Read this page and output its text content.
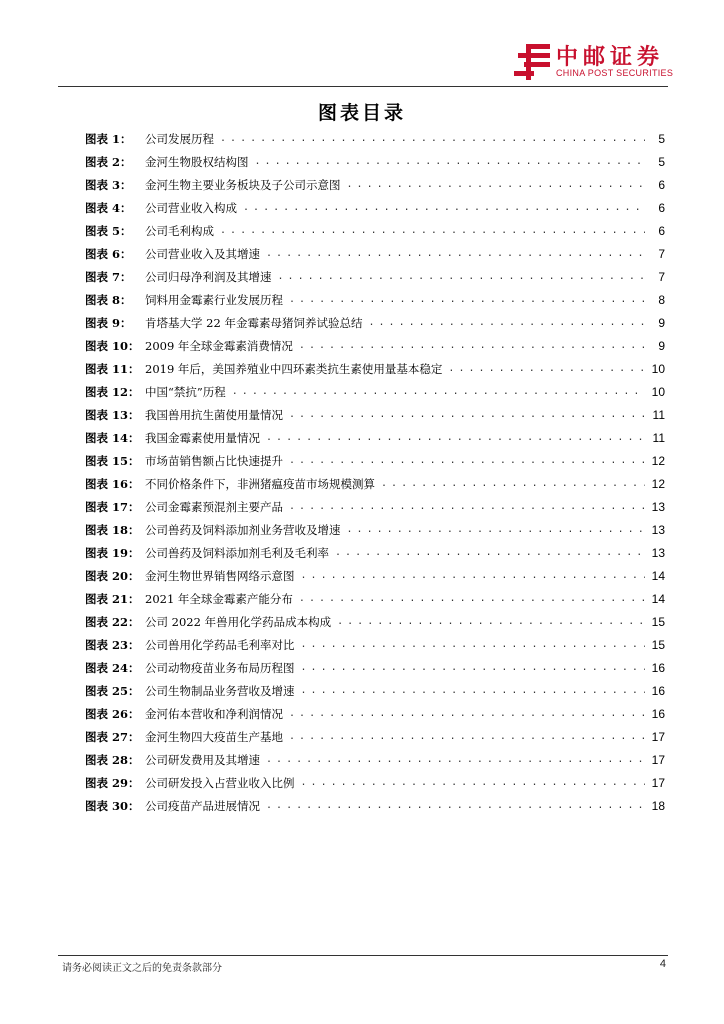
中邮证券
CHINA POST SECURITIES
图表目录
图表 1：	公司发展历程 . . .	5
图表 2：	金河生物股权结构图 . . .	5
图表 3：	金河生物主要业务板块及子公司示意图 . . .	6
图表 4：	公司营业收入构成 . . .	6
图表 5：	公司毛利构成 . . .	6
图表 6：	公司营业收入及其增速 . . .	7
图表 7：	公司归母净利润及其增速 . . .	7
图表 8：	饲料用金霉素行业发展历程 . . .	8
图表 9：	肯塔基大学 22 年金霉素母猪饲养试验总结 . . .	9
图表 10： 2009 年全球金霉素消费情况 . . .	9
图表 11： 2019 年后，美国养殖业中四环素类抗生素使用量基本稳定 . . .	10
图表 12： 中国“禁抗”历程 . . .	10
图表 13： 我国兽用抗生菌使用量情况 . . .	11
图表 14： 我国金霉素使用量情况 . . .	11
图表 15： 市场苗销售额占比快速提升 . . .	12
图表 16： 不同价格条件下，非洲猪瘟疫苗市场规模测算 . . .	12
图表 17： 公司金霉素预混剂主要产品 . . .	13
图表 18： 公司兽药及饲料添加剂业务营收及增速 . . .	13
图表 19： 公司兽药及饲料添加剂毛利及毛利率 . . .	13
图表 20： 金河生物世界销售网络示意图 . . .	14
图表 21： 2021 年全球金霉素产能分布 . . .	14
图表 22： 公司 2022 年兽用化学药品成本构成 . . .	15
图表 23： 公司兽用化学药品毛利率对比 . . .	15
图表 24： 公司动物疫苗业务布局历程图 . . .	16
图表 25： 公司生物制品业务营收及增速 . . .	16
图表 26： 金河佑本营收和净利润情况 . . .	16
图表 27： 金河生物四大疫苗生产基地 . . .	17
图表 28： 公司研发费用及其增速 . . .	17
图表 29： 公司研发投入占营业收入比例 . . .	17
图表 30： 公司疫苗产品进展情况 . . .	18
请务必阅读正文之后的免责条款部分	4
